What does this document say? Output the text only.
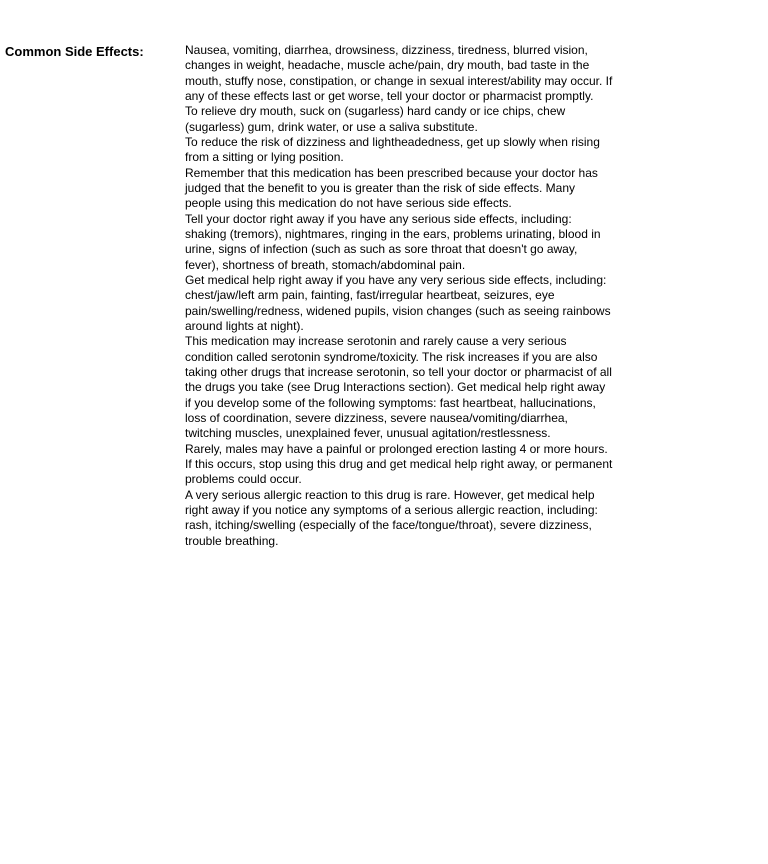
Common Side Effects:	Nausea, vomiting, diarrhea, drowsiness, dizziness, tiredness, blurred vision, changes in weight, headache, muscle ache/pain, dry mouth, bad taste in the mouth, stuffy nose, constipation, or change in sexual interest/ability may occur. If any of these effects last or get worse, tell your doctor or pharmacist promptly.

To relieve dry mouth, suck on (sugarless) hard candy or ice chips, chew (sugarless) gum, drink water, or use a saliva substitute.

To reduce the risk of dizziness and lightheadedness, get up slowly when rising from a sitting or lying position.

Remember that this medication has been prescribed because your doctor has judged that the benefit to you is greater than the risk of side effects. Many people using this medication do not have serious side effects.

Tell your doctor right away if you have any serious side effects, including: shaking (tremors), nightmares, ringing in the ears, problems urinating, blood in urine, signs of infection (such as such as sore throat that doesn't go away, fever), shortness of breath, stomach/abdominal pain.

Get medical help right away if you have any very serious side effects, including: chest/jaw/left arm pain, fainting, fast/irregular heartbeat, seizures, eye pain/swelling/redness, widened pupils, vision changes (such as seeing rainbows around lights at night).

This medication may increase serotonin and rarely cause a very serious condition called serotonin syndrome/toxicity. The risk increases if you are also taking other drugs that increase serotonin, so tell your doctor or pharmacist of all the drugs you take (see Drug Interactions section). Get medical help right away if you develop some of the following symptoms: fast heartbeat, hallucinations, loss of coordination, severe dizziness, severe nausea/vomiting/diarrhea, twitching muscles, unexplained fever, unusual agitation/restlessness.

Rarely, males may have a painful or prolonged erection lasting 4 or more hours. If this occurs, stop using this drug and get medical help right away, or permanent problems could occur.

A very serious allergic reaction to this drug is rare. However, get medical help right away if you notice any symptoms of a serious allergic reaction, including: rash, itching/swelling (especially of the face/tongue/throat), severe dizziness, trouble breathing.
